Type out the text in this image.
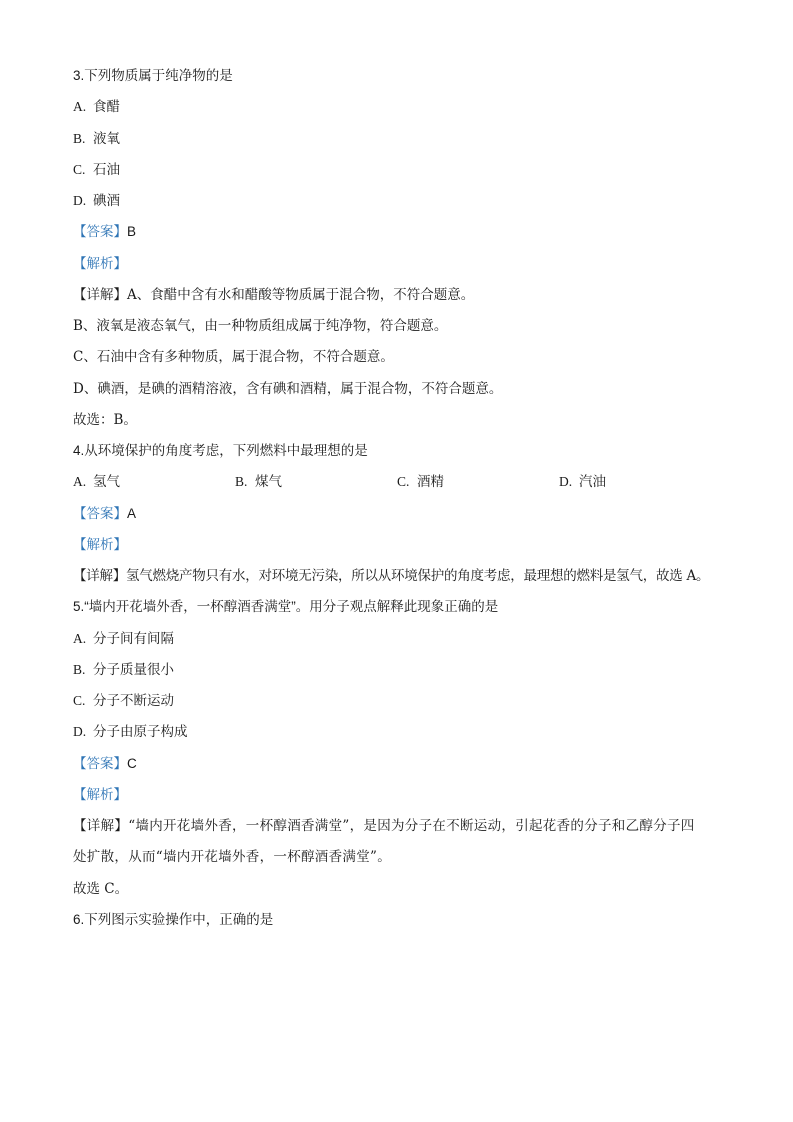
3.下列物质属于纯净物的是
A. 食醋
B. 液氧
C. 石油
D. 碘酒
【答案】B
【解析】
【详解】A、食醋中含有水和醋酸等物质属于混合物，不符合题意。
B、液氧是液态氧气，由一种物质组成属于纯净物，符合题意。
C、石油中含有多种物质，属于混合物，不符合题意。
D、碘酒，是碘的酒精溶液，含有碘和酒精，属于混合物，不符合题意。
故选：B。
4.从环境保护的角度考虑，下列燃料中最理想的是
A. 氢气	B. 煤气	C. 酒精	D. 汽油
【答案】A
【解析】
【详解】氢气燃烧产物只有水，对环境无污染，所以从环境保护的角度考虑，最理想的燃料是氢气，故选 A。
5.“墙内开花墙外香，一杯醇酒香满堂”。用分子观点解释此现象正确的是
A. 分子间有间隔
B. 分子质量很小
C. 分子不断运动
D. 分子由原子构成
【答案】C
【解析】
【详解】“墙内开花墙外香，一杯醇酒香满堂”，是因为分子在不断运动，引起花香的分子和乙醇分子四
处扩散，从而“墙内开花墙外香，一杯醇酒香满堂”。
故选 C。
6.下列图示实验操作中，正确的是
